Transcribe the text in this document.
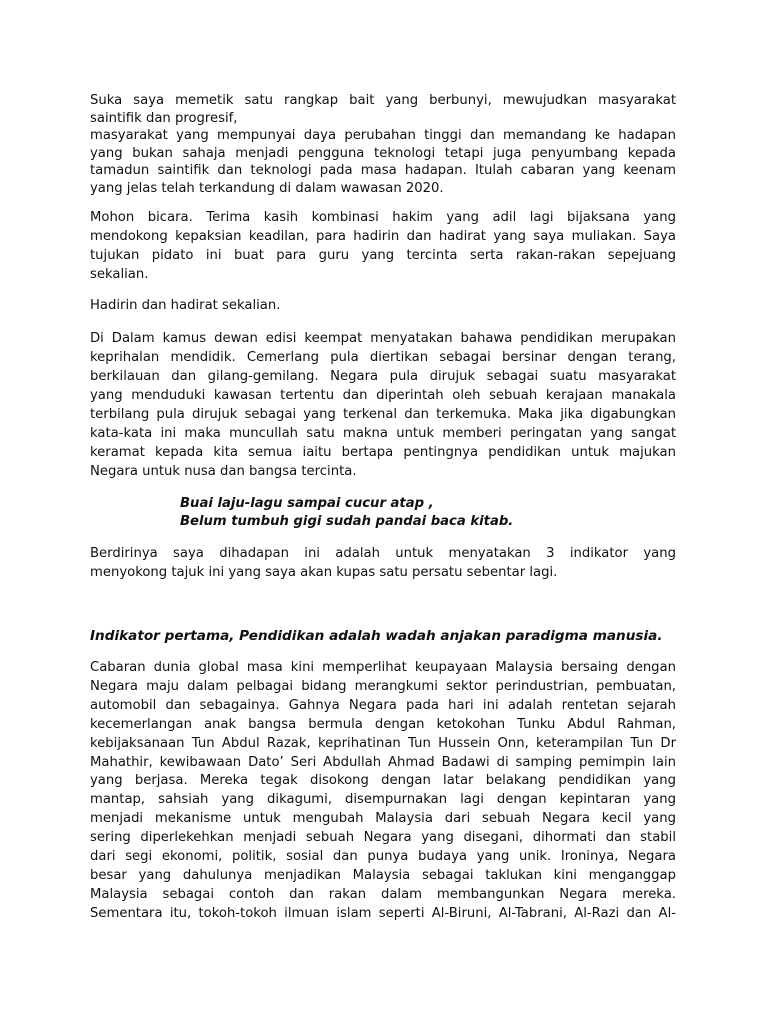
Suka saya memetik satu rangkap bait yang berbunyi, mewujudkan masyarakat
saintifik dan progresif,
masyarakat yang mempunyai daya perubahan tinggi dan memandang ke hadapan
yang bukan sahaja menjadi pengguna teknologi tetapi juga penyumbang kepada
tamadun saintifik dan teknologi pada masa hadapan. Itulah cabaran yang keenam
yang jelas telah terkandung di dalam wawasan 2020.
Mohon bicara. Terima kasih kombinasi hakim yang adil lagi bijaksana yang
mendokong kepaksian keadilan, para hadirin dan hadirat yang saya muliakan. Saya
tujukan pidato ini buat para guru yang tercinta serta rakan-rakan sepejuang
sekalian.
Hadirin dan hadirat sekalian.
Di Dalam kamus dewan edisi keempat menyatakan bahawa pendidikan merupakan
keprihalan mendidik. Cemerlang pula diertikan sebagai bersinar dengan terang,
berkilauan dan gilang-gemilang. Negara pula dirujuk sebagai suatu masyarakat
yang menduduki kawasan tertentu dan diperintah oleh sebuah kerajaan manakala
terbilang pula dirujuk sebagai yang terkenal dan terkemuka. Maka jika digabungkan
kata-kata ini maka muncullah satu makna untuk memberi peringatan yang sangat
keramat kepada kita semua iaitu bertapa pentingnya pendidikan untuk majukan
Negara untuk nusa dan bangsa tercinta.
Buai laju-lagu sampai cucur atap ,
Belum tumbuh gigi sudah pandai baca kitab.
Berdirinya saya dihadapan ini adalah untuk menyatakan 3 indikator yang
menyokong tajuk ini yang saya akan kupas satu persatu sebentar lagi.
Indikator pertama, Pendidikan adalah wadah anjakan paradigma manusia.
Cabaran dunia global masa kini memperlihat keupayaan Malaysia bersaing dengan
Negara maju dalam pelbagai bidang merangkumi sektor perindustrian, pembuatan,
automobil dan sebagainya. Gahnya Negara pada hari ini adalah rentetan sejarah
kecemerlangan anak bangsa bermula dengan ketokohan Tunku Abdul Rahman,
kebijaksanaan Tun Abdul Razak, keprihatinan Tun Hussein Onn, keterampilan Tun Dr
Mahathir, kewibawaan Dato’ Seri Abdullah Ahmad Badawi di samping pemimpin lain
yang berjasa. Mereka tegak disokong dengan latar belakang pendidikan yang
mantap, sahsiah yang dikagumi, disempurnakan lagi dengan kepintaran yang
menjadi mekanisme untuk mengubah Malaysia dari sebuah Negara kecil yang
sering diperlekehkan menjadi sebuah Negara yang disegani, dihormati dan stabil
dari segi ekonomi, politik, sosial dan punya budaya yang unik. Ironinya, Negara
besar yang dahulunya menjadikan Malaysia sebagai taklukan kini menganggap
Malaysia sebagai contoh dan rakan dalam membangunkan Negara mereka.
Sementara itu, tokoh-tokoh ilmuan islam seperti Al-Biruni, Al-Tabrani, Al-Razi dan Al-
